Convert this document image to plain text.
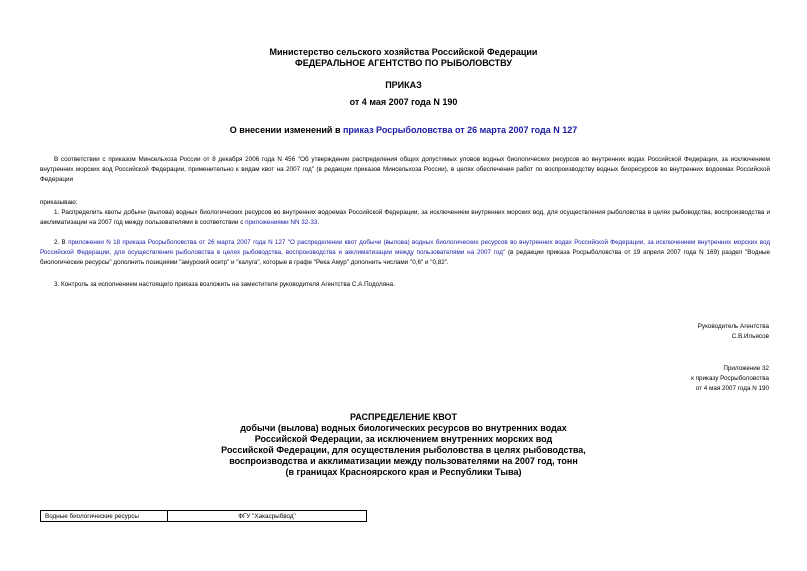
Министерство сельского хозяйства Российской Федерации
ФЕДЕРАЛЬНОЕ АГЕНТСТВО ПО РЫБОЛОВСТВУ
ПРИКАЗ
от 4 мая 2007 года N 190
О внесении изменений в приказ Росрыболовства от 26 марта 2007 года N 127
В соответствии с приказом Минсельхоза России от 8 декабря 2006 года N 456 "Об утверждении распределения общих допустимых уловов водных биологических ресурсов во внутренних водах Российской Федерации, за исключением внутренних морских вод Российской Федерации, применительно к видам квот на 2007 год" (в редакции приказов Минсельхоза России), в целях обеспечения работ по воспроизводству водных биоресурсов во внутренних водоемах Российской Федерации
приказываю:
1. Распределить квоты добычи (вылова) водных биологических ресурсов во внутренних водоемах Российской Федерации, за исключением внутренних морских вод, для осуществления рыболовства в целях рыбоводства, воспроизводства и акклиматизации на 2007 год между пользователями в соответствии с приложениями NN 32-33.
2. В приложении N 18 приказа Росрыболовства от 26 марта 2007 года N 127 "О распределении квот добычи (вылова) водных биологических ресурсов во внутренних водах Российской Федерации, за исключением внутренних морских вод Российской Федерации, для осуществления рыболовства в целях рыбоводства, воспроизводства и акклиматизации между пользователями на 2007 год" (в редакции приказа Росрыболовства от 19 апреля 2007 года N 169) раздел "Водные биологические ресурсы" дополнить позициями "амурский осетр" и "калуга", которые в графе "Река Амур" дополнить числами "0,6" и "0,82".
3. Контроль за исполнением настоящего приказа возложить на заместителя руководителя Агентства С.А.Подоляна.
Руководитель Агентства
С.В.Ильясов
Приложение 32
к приказу Росрыболовства
от 4 мая 2007 года N 190
РАСПРЕДЕЛЕНИЕ КВОТ
добычи (вылова) водных биологических ресурсов во внутренних водах
Российской Федерации, за исключением внутренних морских вод
Российской Федерации, для осуществления рыболовства в целях рыбоводства,
воспроизводства и акклиматизации между пользователями на 2007 год, тонн
(в границах Красноярского края и Республики Тыва)
Водные биологические ресурсы	ФГУ "Хакасрыбвод"
